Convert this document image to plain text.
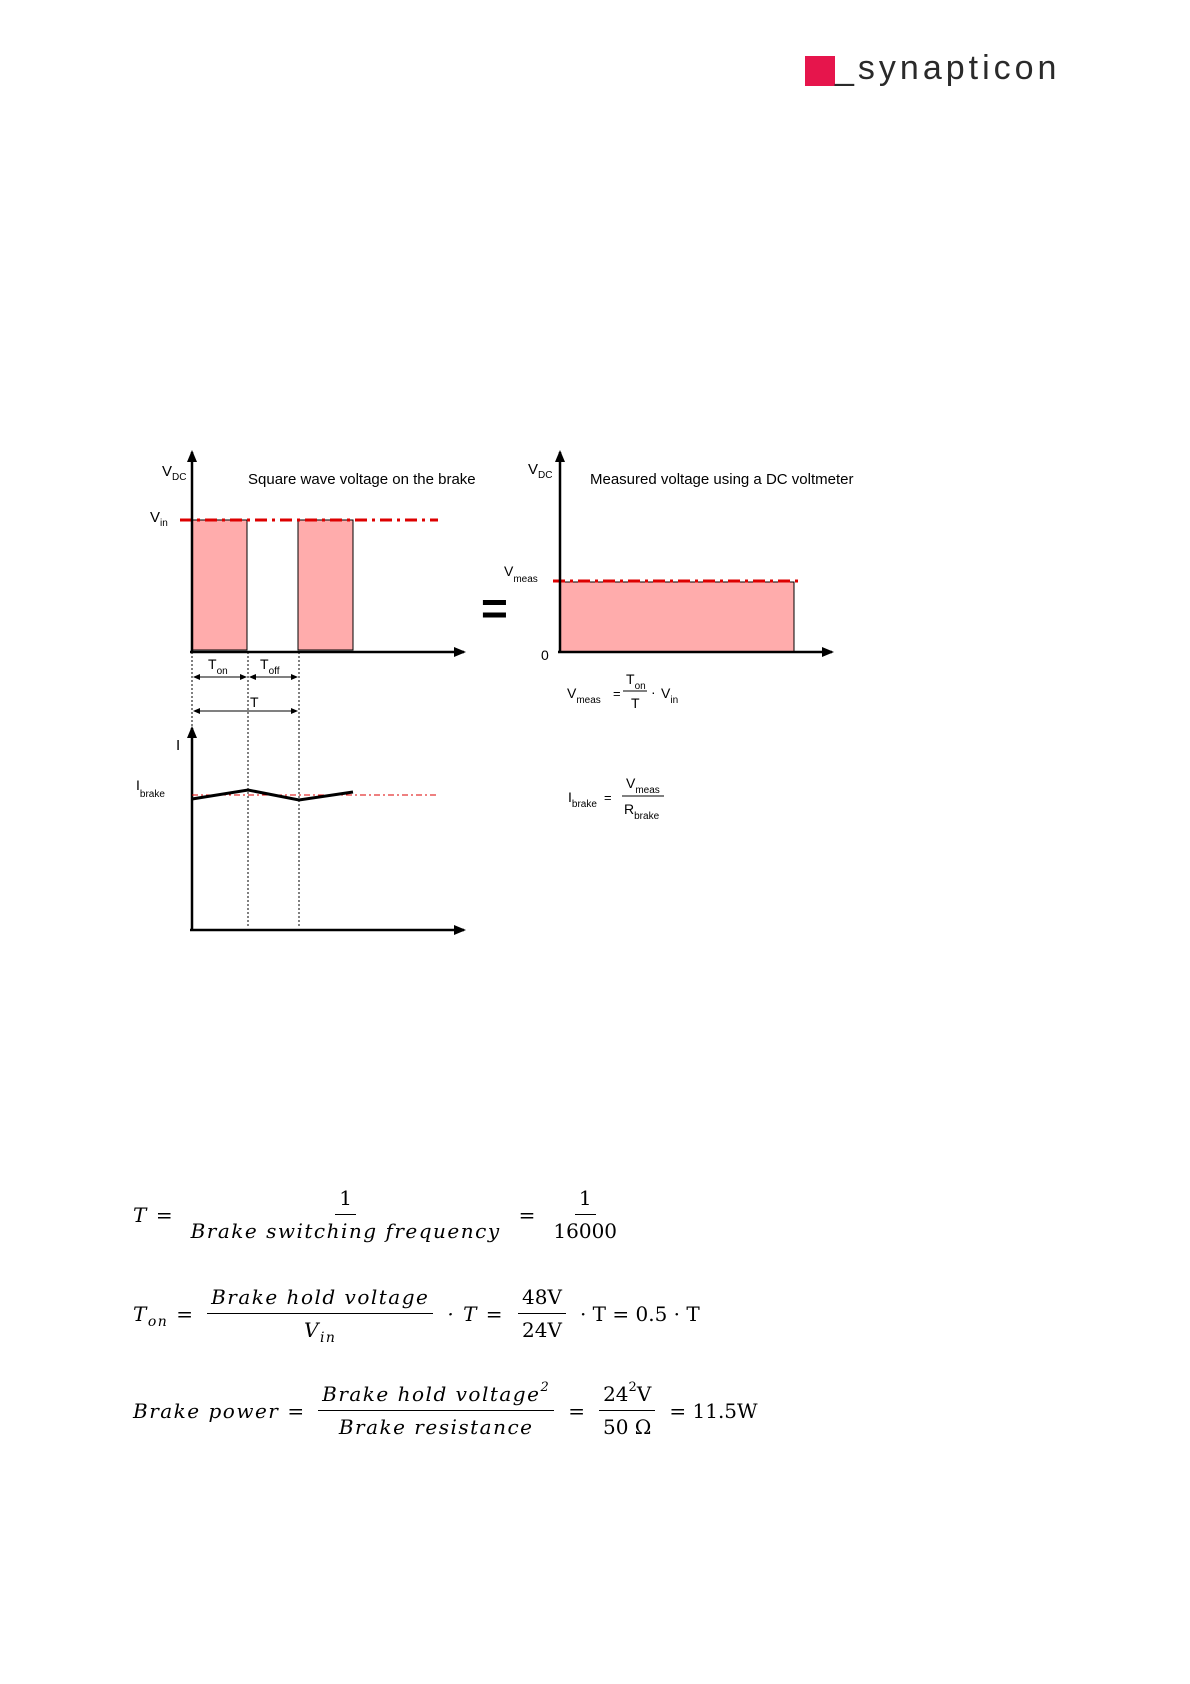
_synapticon
$V_{DC}$	Square wave voltage on the brake
$V_{in}$
$T_{on}$ $T_{off}$
T
I
$I_{brake}$
=
$V_{DC}$	Measured voltage using a DC voltmeter
$V_{meas}$
0
$V_{meas}$ =
$T_{on}$
T
· $V_{in}$
$I_{brake}$ =
$V_{meas}$
$R_{brake}$
$T = \frac{1}{\text{Brake switching frequency}} = \frac{1}{16000}$
$T_{on} = \frac{\text{Brake hold voltage}}{V_{in}} \cdot T = \frac{48V}{24V} \cdot T = 0.5 \cdot T$
Brake power = $\frac{Brake hold voltage^2}{\text{Brake resistance}} = \frac{24^2V}{50 \Omega} = 11.5W$
